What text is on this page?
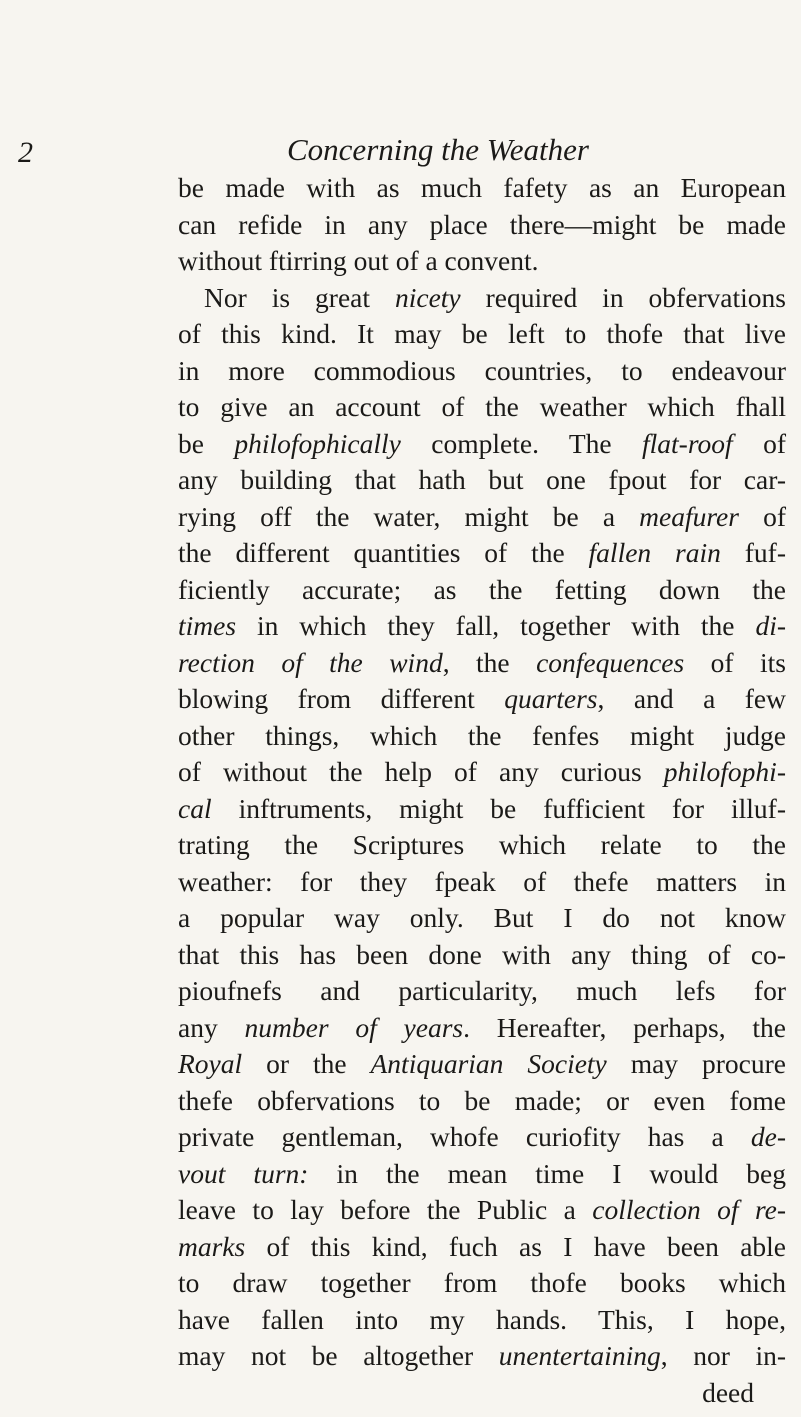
2	Concerning the Weather
be made with as much fafety as an European
can refide in any place there—might be made
without ftirring out of a convent.
Nor is great nicety required in obfervations
of this kind. It may be left to thofe that live
in more commodious countries, to endeavour
to give an account of the weather which fhall
be philofophically complete. The flat-roof of
any building that hath but one fpout for car-
rying off the water, might be a meafurer of
the different quantities of the fallen rain fuf-
ficiently accurate; as the fetting down the
times in which they fall, together with the di-
rection of the wind, the confequences of its
blowing from different quarters, and a few
other things, which the fenfes might judge
of without the help of any curious philofophi-
cal inftruments, might be fufficient for illuf-
trating the Scriptures which relate to the
weather: for they fpeak of thefe matters in
a popular way only. But I do not know
that this has been done with any thing of co-
pioufnefs and particularity, much lefs for
any number of years. Hereafter, perhaps, the
Royal or the Antiquarian Society may procure
thefe obfervations to be made; or even fome
private gentleman, whofe curiofity has a de-
vout turn: in the mean time I would beg
leave to lay before the Public a collection of re-
marks of this kind, fuch as I have been able
to draw together from thofe books which
have fallen into my hands. This, I hope,
may not be altogether unentertaining, nor in-
deed
